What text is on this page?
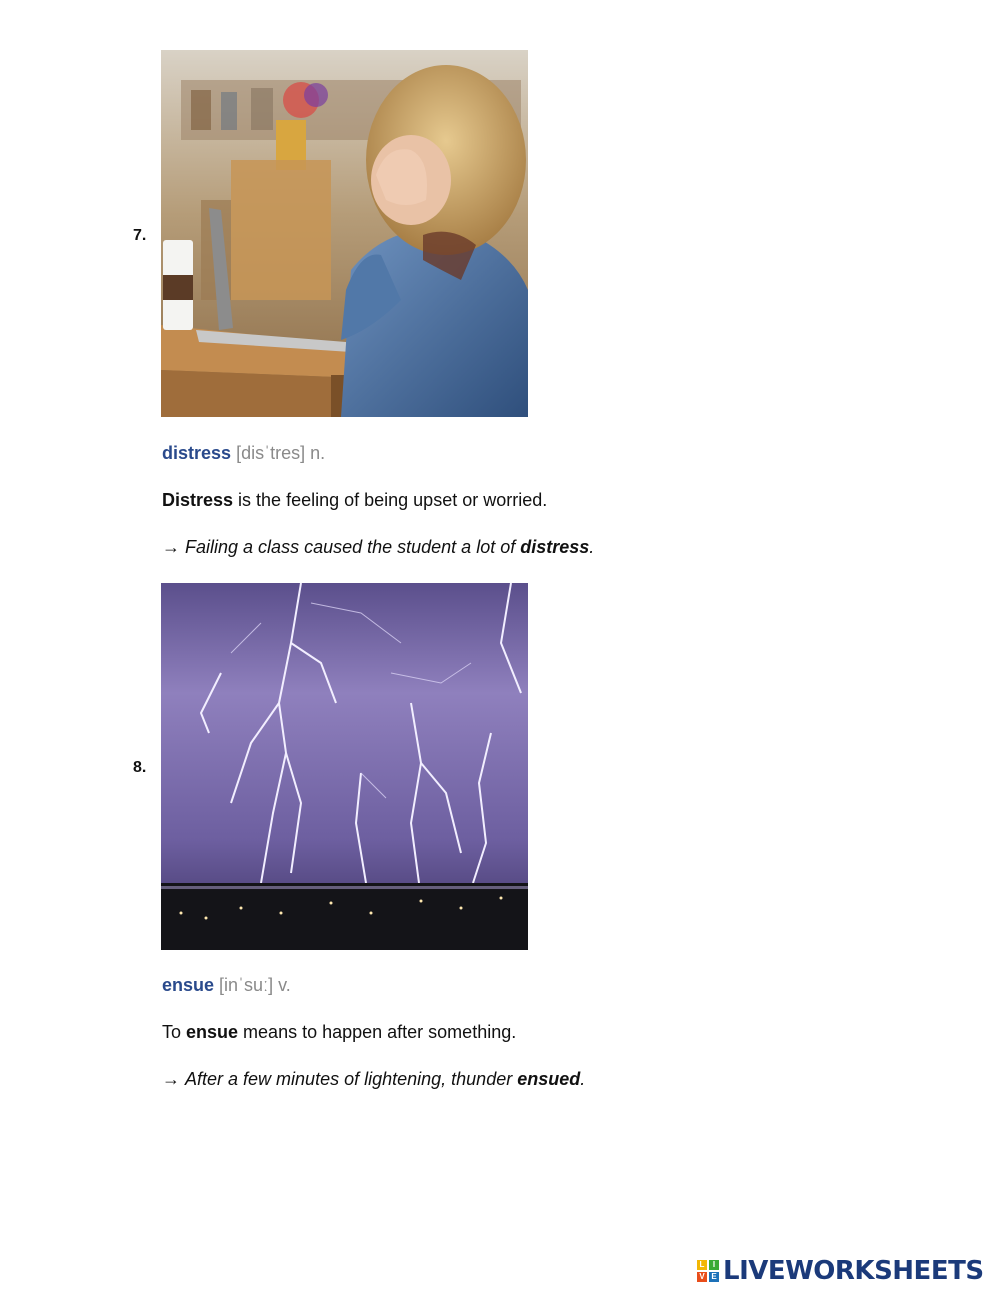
7.
distress [disˈtres] n.
Distress is the feeling of being upset or worried.
→ Failing a class caused the student a lot of distress.
8.
ensue [inˈsuː] v.
To ensue means to happen after something.
→ After a few minutes of lightening, thunder ensued.
L	I
V E LIVEWORKSHEETS
